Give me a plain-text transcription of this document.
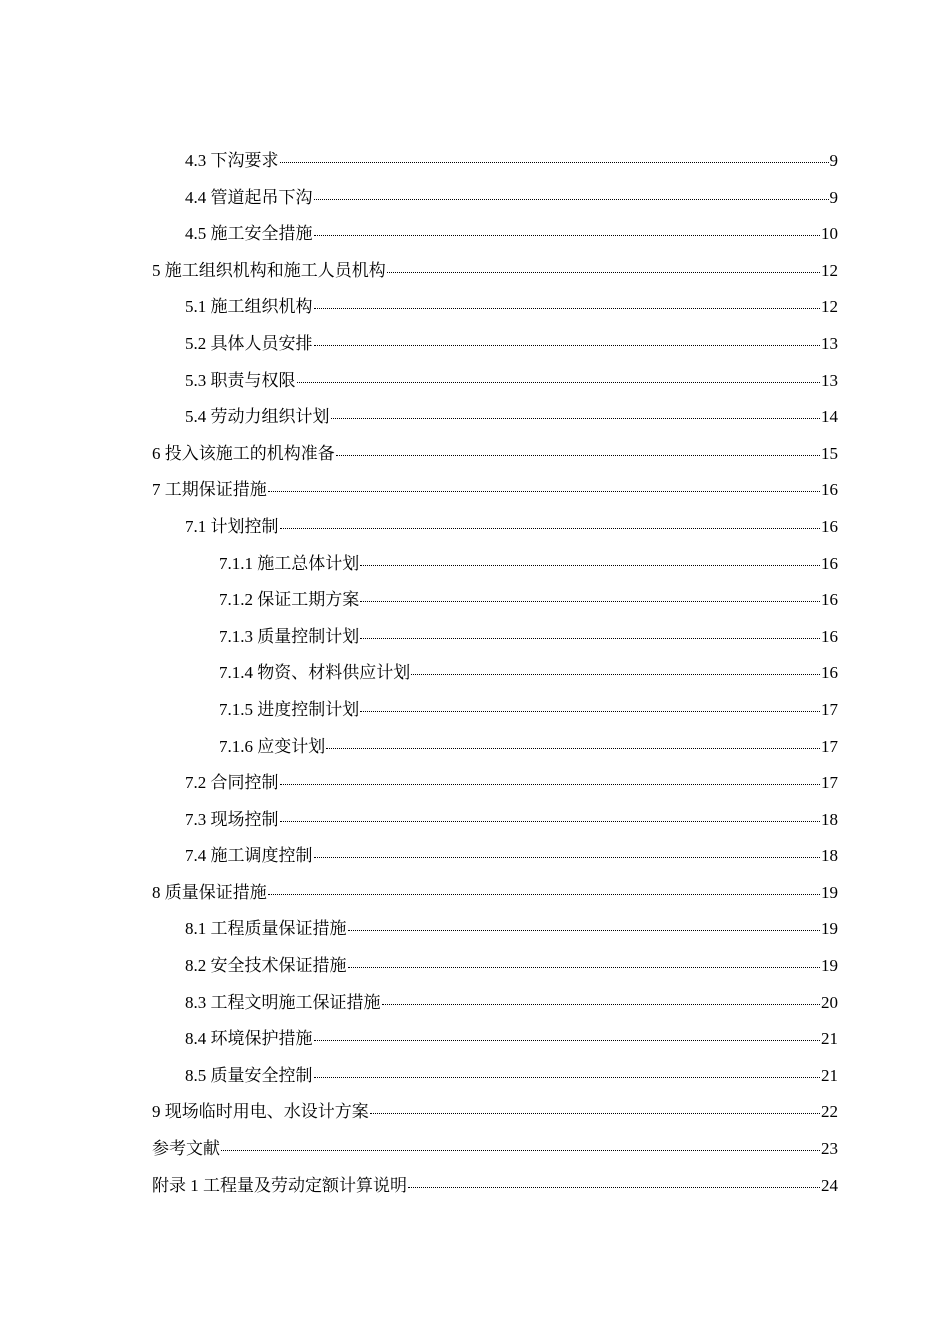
4.3 下沟要求	9
4.4 管道起吊下沟	9
4.5 施工安全措施	10
5 施工组织机构和施工人员机构	12
5.1 施工组织机构	12
5.2 具体人员安排	13
5.3 职责与权限	13
5.4 劳动力组织计划	14
6 投入该施工的机构准备	15
7 工期保证措施	16
7.1 计划控制	16
7.1.1 施工总体计划	16
7.1.2 保证工期方案	16
7.1.3 质量控制计划	16
7.1.4 物资、材料供应计划	16
7.1.5 进度控制计划	17
7.1.6 应变计划	17
7.2 合同控制	17
7.3 现场控制	18
7.4 施工调度控制	18
8 质量保证措施	19
8.1 工程质量保证措施	19
8.2 安全技术保证措施	19
8.3 工程文明施工保证措施	20
8.4 环境保护措施	21
8.5 质量安全控制	21
9 现场临时用电、水设计方案	22
参考文献	23
附录 1 工程量及劳动定额计算说明	24
